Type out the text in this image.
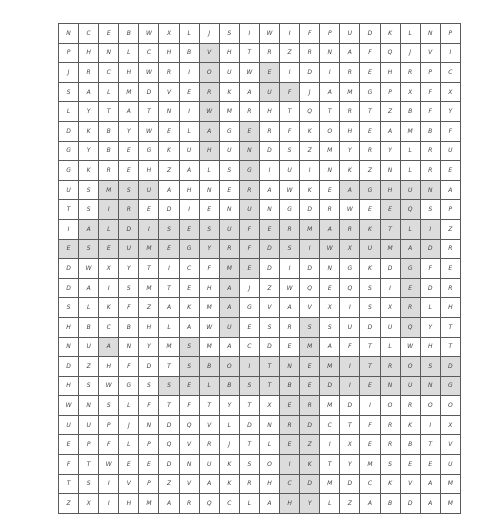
N	C	E	B	W	X	L	J	S	I	W	I	F	P	U	D	K	L	N	P
P	H	N	L	C	H	B	V	H	T	R	Z	R	N	A	F	Q	J	V	I
J	R	C	H	W	R	I	O	U	W	E	I	D	I	R	E	H	R	P	C
S	A	L	M	D	V	E	R	K	A	U	F	J	A	M	G	P	X	F	X
L	Y	T	A	T	N	I	W	M	R	H	T	Q	T	R	T	Z	B	F	Y
D	K	B	Y	W	E	L	A	G	E	R	F	K	O	H	E	A	M	B	F
G	Y	B	E	G	K	U	H	U	N	D	S	Z	M	Y	R	Y	L	R	U
G	K	R	E	H	Z	A	L	S	G	I	U	I	N	K	Z	N	L	R	E
U	S	M	S	U	A	H	N	E	R	A	W	K	E	A	G	H	U	N	A
T	S	I	R	E	D	I	E	N	U	N	G	D	R	W	E	E	Q	S	P
I	A	L	D	I	S	E	S	U	F	E	R	M	A	R	K	T	L	I	Z
E	S	E	U	M	E	G	Y	R	F	D	S	I	W	X	U	M	A	D	R
D	W	X	Y	T	I	C	F	M	E	D	I	D	N	G	K	D	G	F	E
D	A	I	S	M	T	E	H	A	J	Z	W	Q	E	Q	S	I	E	D	R
S	L	K	F	Z	A	K	M	A	G	V	A	V	X	I	S	X	R	L	H
H	B	C	B	H	L	A	W	U	E	S	R	S	S	U	D	U	Q	Y	T
N	U	A	N	Y	M	S	M	A	C	D	E	M	A	F	T	L	W	H	T
D	Z	H	F	D	T	S	B	O	I	T	N	E	M	I	T	R	O	S	D
H	S	W	G	S	S	E	L	B	S	T	B	E	D	I	E	N	U	N	G
W	N	S	L	F	T	F	T	Y	T	X	E	R	M	D	I	O	R	O	O
U	U	P	J	N	D	Q	V	L	D	N	R	D	C	T	F	R	K	I	X
E	P	F	L	P	Q	V	R	J	T	L	E	Z	I	X	E	R	B	T	V
F	T	W	E	E	D	N	U	K	S	O	I	K	T	Y	M	S	E	E	U
T	S	I	V	P	Z	V	A	K	R	H	C	D	M	D	C	K	V	A	M
Z	X	I	H	M	A	R	Q	C	L	A	H	Y	L	Z	A	B	D	A	M
